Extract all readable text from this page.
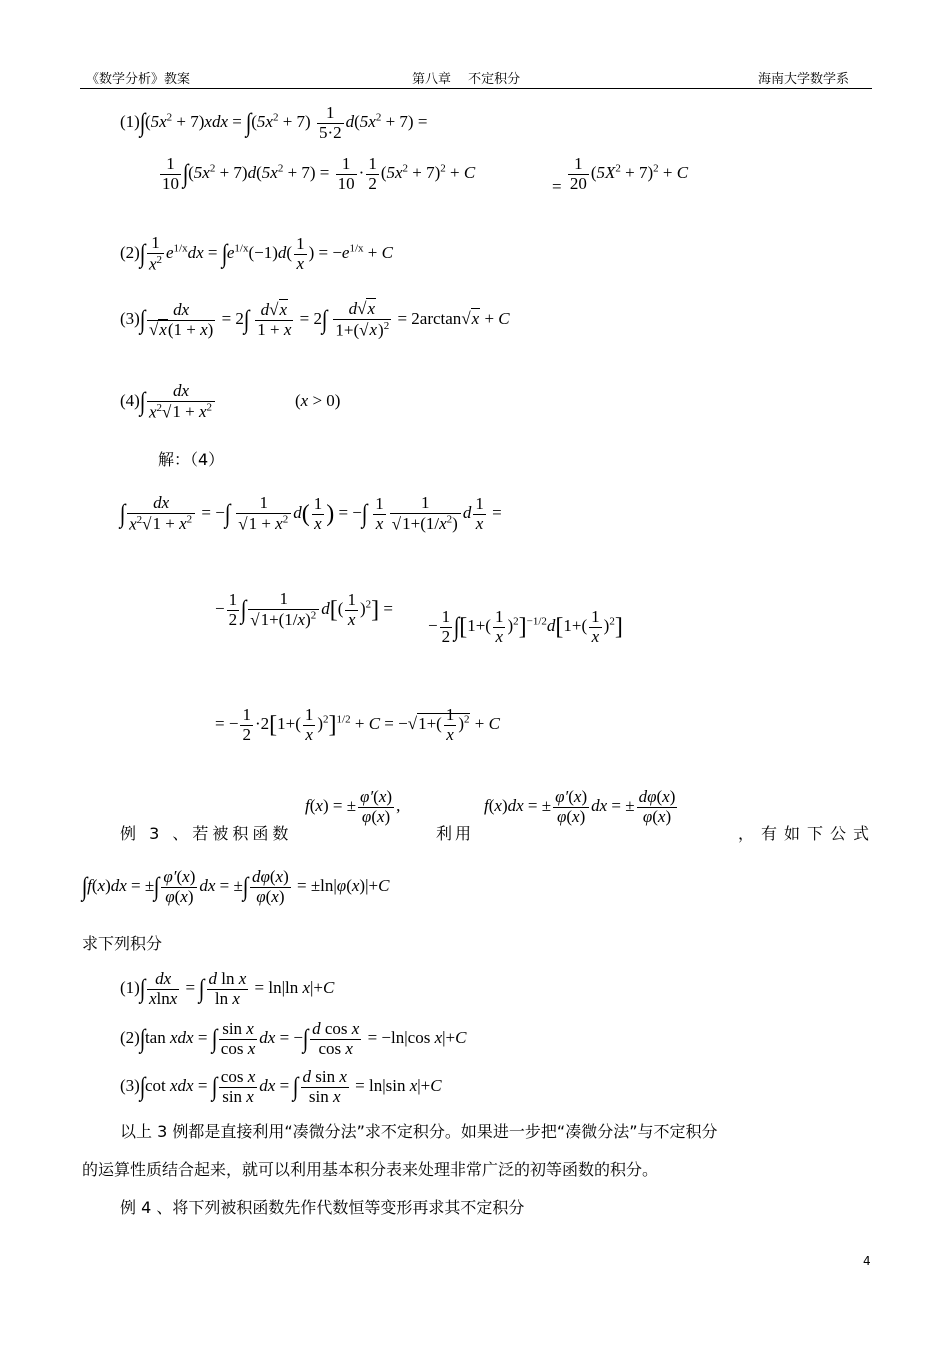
《数学分析》教案	第八章　 不定积分	海南大学数学系
$(1)\int(5x^2 + 7)xdx = \int(5x^2 + 7) \frac{1}{5\cdot 2} d(5x^2 + 7)$ =
$\frac{1}{10} \int(5x^2 + 7)d(5x^2 + 7) = \frac{1}{10} \cdot \frac{1}{2} (5x^2 + 7)^2 + C$
= $\frac{1}{20} (5X^2 + 7)^2 + C$
$(2)\int \frac{1}{x^2} e^{1/x}dx = \int e^{1/x}(-1)d( \frac{1}{x}$ ) = $-e^{1/x} + C$
$(3)\int \frac{dx}{√x(1 + x)} = 2\int \frac{d√x}{1 + x} = 2\int \frac{d√x}{1+(√x)^2} = 2\arctan√x + C$
$(4)\int \frac{dx}{x^2√1 + x^2}$	(x > 0)
解：（4）
∫ $\frac{dx}{x^2√1 + x^2}$ = −∫ $\frac{1}{√1 + x^2} d( \frac{1}{x}$ ) = −∫ $\frac{1}{x} \frac{1}{√1+(1/x^2)}$ d $\frac{1}{x}$ =
− $\frac{1}{2}$ ∫ $\frac{1}{√1+(1/x)^2} d[( \frac{1}{x} )^2]$ =
− $\frac{1}{2} \int[1+( \frac{1}{x} )^2]^{-1/2}d[1+( \frac{1}{x} )^2]$
= − $\frac{1}{2} \cdot 2[1+( \frac{1}{x} )^2]^{1/2} + C = -√1+( \frac{1}{x} )^2 + C$
例 3 、若被积函数
f(x) = ± $\frac{\varphi'(x)}{\varphi(x)}$ ,
利用
f(x)dx = ± $\frac{\varphi'(x)}{\varphi(x)}$ dx = ± $\frac{d\varphi(x)}{\varphi(x)}$
，有如下公式
∫f(x)dx = ±∫ $\frac{\varphi'(x)}{\varphi(x)}$ dx = ±∫ $\frac{d\varphi(x)}{\varphi(x)} = \pm\ln|\varphi(x)|+C$
求下列积分
$(1)\int \frac{dx}{xlnx}$ = ∫ $\frac{\text{d ln x}}{\text{ln x}} = \ln|\ln$ x|+C
(2)∫tan xdx = ∫ $\frac{\text{sin x}}{\text{cos x}}$ dx = −∫ $\frac{\text{d cos x}}{\text{cos x}} = -\ln|\cos$ x|+C
(3)∫cot xdx = ∫ $\frac{\text{cos x}}{\text{sin x}}$ dx = ∫ $\frac{\text{d sin x}}{\text{sin x}} = \ln|\sin$ x|+C
以上 3 例都是直接利用“凑微分法”求不定积分。如果进一步把“凑微分法”与不定积分
的运算性质结合起来，就可以利用基本积分表来处理非常广泛的初等函数的积分。
例 4 、将下列被积函数先作代数恒等变形再求其不定积分
4
